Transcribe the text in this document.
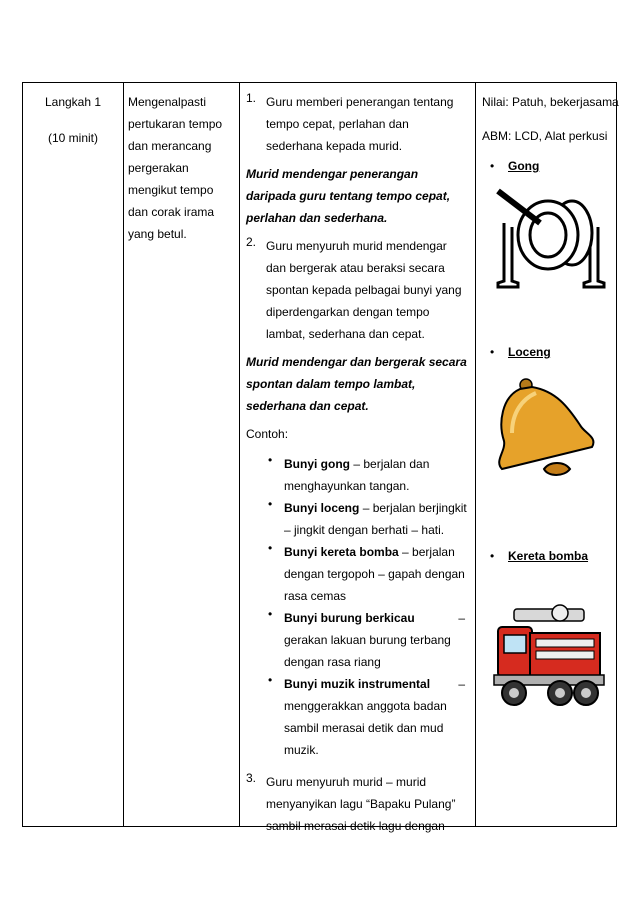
Langkah 1
(10 minit)
Mengenalpasti
pertukaran tempo
dan merancang
pergerakan
mengikut tempo
dan corak irama
yang betul.
1. Guru memberi penerangan tentang
tempo cepat, perlahan dan
sederhana kepada murid.
Murid mendengar penerangan
daripada guru tentang tempo cepat,
perlahan dan sederhana.
2. Guru menyuruh murid mendengar
dan bergerak atau beraksi secara
spontan kepada pelbagai bunyi yang
diperdengarkan dengan tempo
lambat, sederhana dan cepat.
Murid mendengar dan bergerak secara
spontan dalam tempo lambat,
sederhana dan cepat.
Contoh:
• Bunyi gong – berjalan dan
menghayunkan tangan.
• Bunyi loceng – berjalan berjingkit
– jingkit dengan berhati – hati.
• Bunyi kereta bomba – berjalan
dengan tergopoh – gapah dengan
rasa cemas
• Bunyi burung berkicau	–
gerakan lakuan burung terbang
dengan rasa riang
• Bunyi muzik instrumental –
menggerakkan anggota badan
sambil merasai detik dan mud
muzik.
3. Guru menyuruh murid – murid
menyanyikan lagu “Bapaku Pulang”
sambil merasai detik lagu dengan
Nilai: Patuh, bekerjasama
ABM: LCD, Alat perkusi
• Gong
• Loceng
• Kereta bomba
